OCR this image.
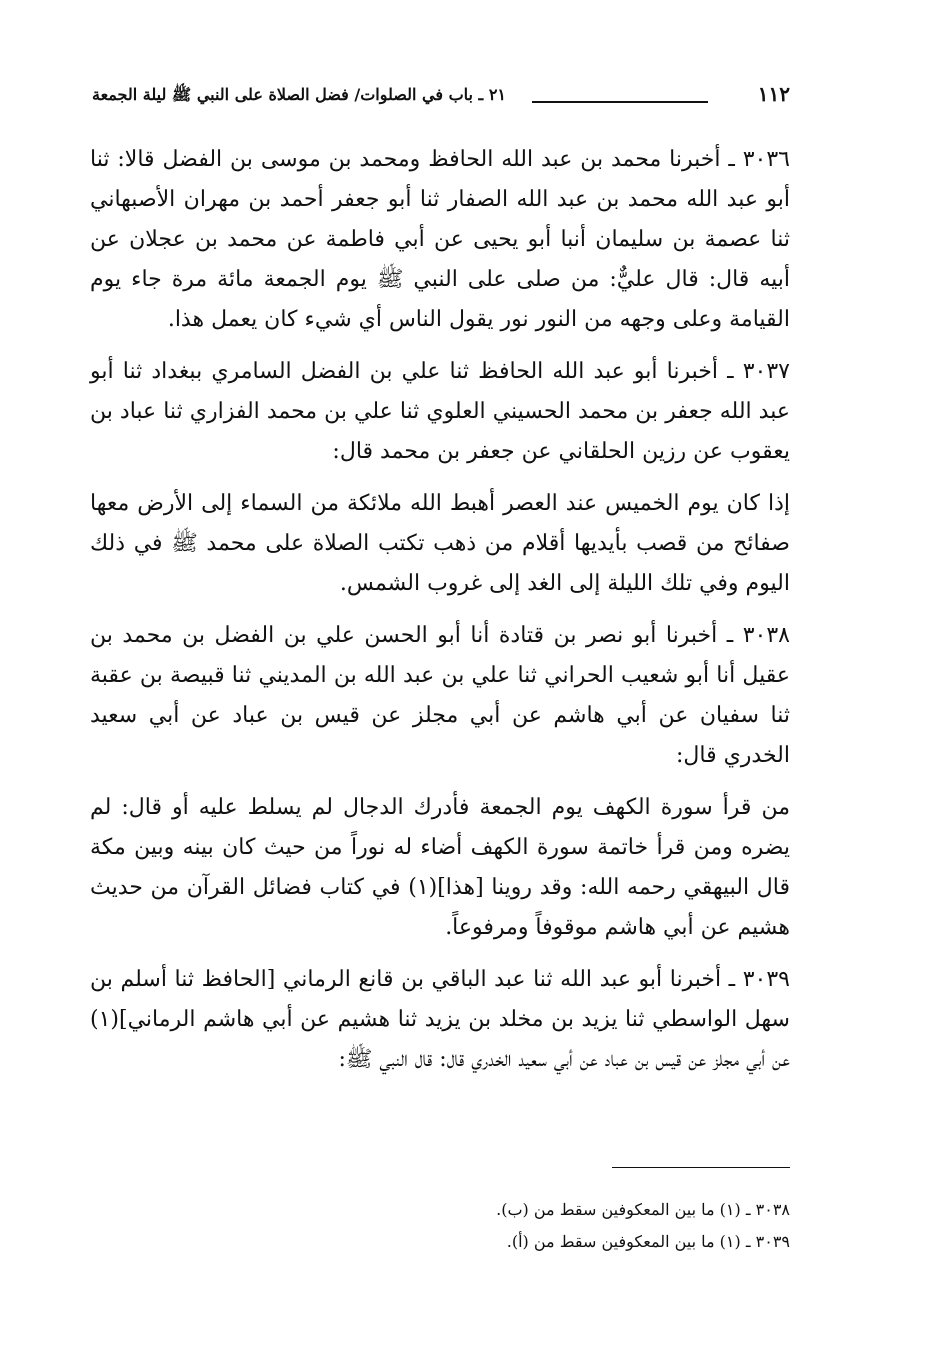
١١٢
٢١ ـ باب في الصلوات/ فضل الصلاة على النبي ﷺ ليلة الجمعة

٣٠٣٦ ـ أخبرنا محمد بن عبد الله الحافظ ومحمد بن موسى بن الفضل قالا: ثنا أبو عبد الله محمد بن عبد الله الصفار ثنا أبو جعفر أحمد بن مهران الأصبهاني ثنا عصمة بن سليمان أنبا أبو يحيى عن أبي فاطمة عن محمد بن عجلان عن أبيه قال: قال عليٌّ: من صلى على النبي ﷺ يوم الجمعة مائة مرة جاء يوم القيامة وعلى وجهه من النور نور يقول الناس أي شيء كان يعمل هذا.

٣٠٣٧ ـ أخبرنا أبو عبد الله الحافظ ثنا علي بن الفضل السامري ببغداد ثنا أبو عبد الله جعفر بن محمد الحسيني العلوي ثنا علي بن محمد الفزاري ثنا عباد بن يعقوب عن رزين الحلقاني عن جعفر بن محمد قال:

إذا كان يوم الخميس عند العصر أهبط الله ملائكة من السماء إلى الأرض معها صفائح من قصب بأيديها أقلام من ذهب تكتب الصلاة على محمد ﷺ في ذلك اليوم وفي تلك الليلة إلى الغد إلى غروب الشمس.

٣٠٣٨ ـ أخبرنا أبو نصر بن قتادة أنا أبو الحسن علي بن الفضل بن محمد بن عقيل أنا أبو شعيب الحراني ثنا علي بن عبد الله بن المديني ثنا قبيصة بن عقبة ثنا سفيان عن أبي هاشم عن أبي مجلز عن قيس بن عباد عن أبي سعيد الخدري قال:

من قرأ سورة الكهف يوم الجمعة فأدرك الدجال لم يسلط عليه أو قال: لم يضره ومن قرأ خاتمة سورة الكهف أضاء له نوراً من حيث كان بينه وبين مكة قال البيهقي رحمه الله: وقد روينا [هذا](١) في كتاب فضائل القرآن من حديث هشيم عن أبي هاشم موقوفاً ومرفوعاً.

٣٠٣٩ ـ أخبرنا أبو عبد الله ثنا عبد الباقي بن قانع الرماني [الحافظ ثنا أسلم بن سهل الواسطي ثنا يزيد بن مخلد بن يزيد ثنا هشيم عن أبي هاشم الرماني](١) عن أبي مجلز عن قيس بن عباد عن أبي سعيد الخدري قال: قال النبي ﷺ:

٣٠٣٨ ـ (١) ما بين المعكوفين سقط من (ب).

٣٠٣٩ ـ (١) ما بين المعكوفين سقط من (أ).
